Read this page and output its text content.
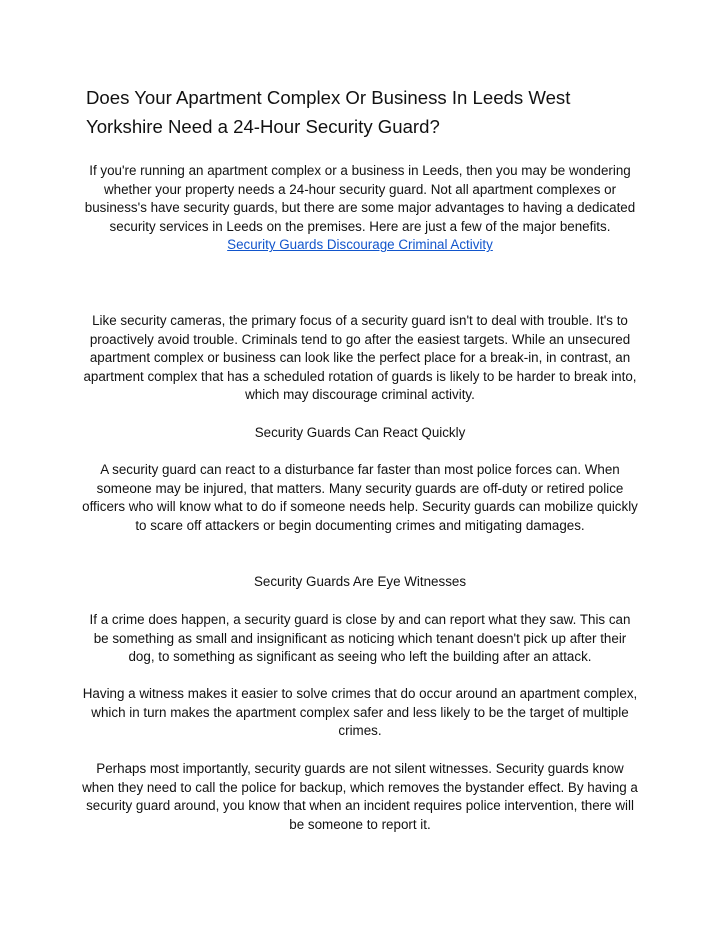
Does Your Apartment Complex Or Business In Leeds West Yorkshire Need a 24-Hour Security Guard?

If you're running an apartment complex or a business in Leeds, then you may be wondering whether your property needs a 24-hour security guard. Not all apartment complexes or business's have security guards, but there are some major advantages to having a dedicated security services in Leeds on the premises. Here are just a few of the major benefits.
Security Guards Discourage Criminal Activity

Like security cameras, the primary focus of a security guard isn't to deal with trouble. It's to proactively avoid trouble. Criminals tend to go after the easiest targets. While an unsecured apartment complex or business can look like the perfect place for a break-in, in contrast, an apartment complex that has a scheduled rotation of guards is likely to be harder to break into, which may discourage criminal activity.

Security Guards Can React Quickly

A security guard can react to a disturbance far faster than most police forces can. When someone may be injured, that matters. Many security guards are off-duty or retired police officers who will know what to do if someone needs help. Security guards can mobilize quickly to scare off attackers or begin documenting crimes and mitigating damages.

Security Guards Are Eye Witnesses

If a crime does happen, a security guard is close by and can report what they saw. This can be something as small and insignificant as noticing which tenant doesn't pick up after their dog, to something as significant as seeing who left the building after an attack.

Having a witness makes it easier to solve crimes that do occur around an apartment complex, which in turn makes the apartment complex safer and less likely to be the target of multiple crimes.

Perhaps most importantly, security guards are not silent witnesses. Security guards know when they need to call the police for backup, which removes the bystander effect. By having a security guard around, you know that when an incident requires police intervention, there will be someone to report it.
